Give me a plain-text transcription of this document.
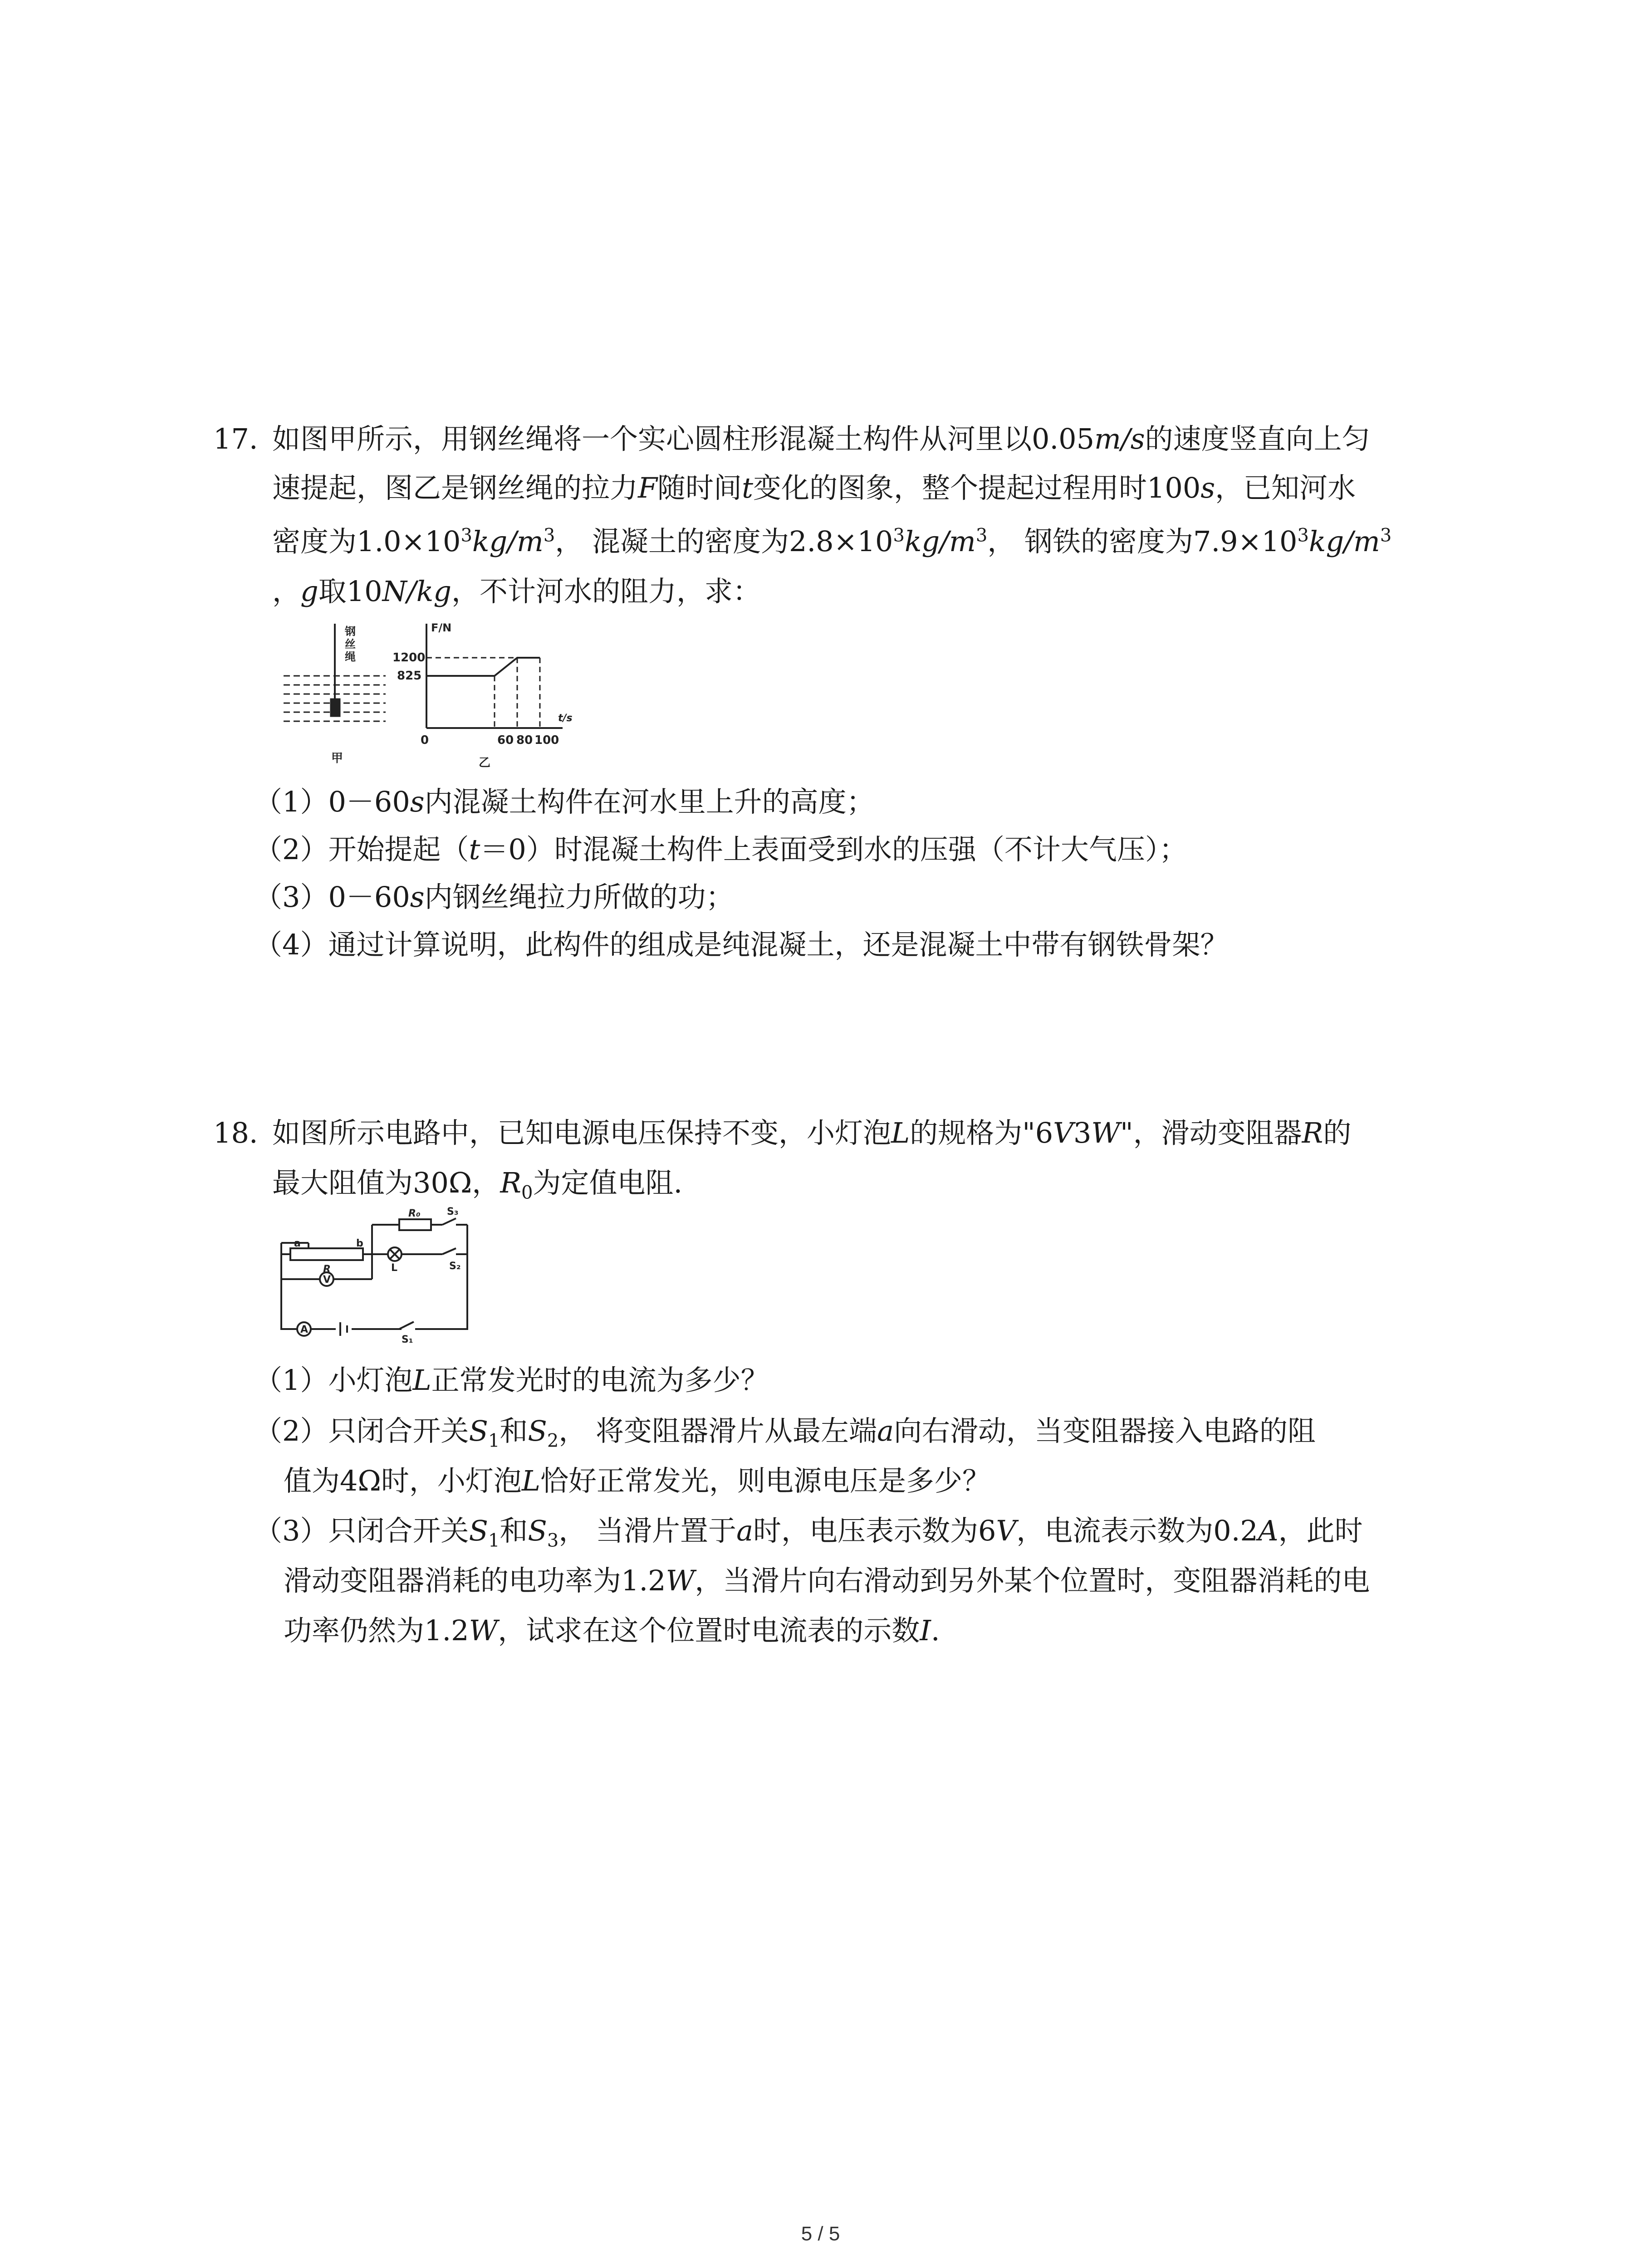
17. 如图甲所示，用钢丝绳将一个实心圆柱形混凝土构件从河里以0.05m/s的速度竖直向上匀
速提起，图乙是钢丝绳的拉力F随时间t变化的图象，整个提起过程用时100s，已知河水
密度为$1.0\times 10^3kg/m^3$， 混凝土的密度为$2.8\times 10^3kg/m^3$， 钢铁的密度为$7.9\times 10^3kg/m^3$
，g取10N/kg，不计河水的阻力，求：
钢 丝 绳
甲
F/N
t/s
1200
825
0	60 80 100
乙
（1）0－60s内混凝土构件在河水里上升的高度；
（2）开始提起（t＝0）时混凝土构件上表面受到水的压强（不计大气压）；
（3）0－60s内钢丝绳拉力所做的功；
（4）通过计算说明，此构件的组成是纯混凝土，还是混凝土中带有钢铁骨架？
18. 如图所示电路中，已知电源电压保持不变，小灯泡L的规格为"6V3W"，滑动变阻器R的
最大阻值为30Ω，$R_0$为定值电阻.
R₀	S₃
S₂
S₁
a	b
R	L
V
A
（1）小灯泡L正常发光时的电流为多少？
（2）只闭合开关$S_1$和$S_2$， 将变阻器滑片从最左端a向右滑动，当变阻器接入电路的阻
值为4Ω时，小灯泡L恰好正常发光，则电源电压是多少？
（3）只闭合开关$S_1$和$S_3$， 当滑片置于a时，电压表示数为6V，电流表示数为0.2A，此时
滑动变阻器消耗的电功率为1.2W，当滑片向右滑动到另外某个位置时，变阻器消耗的电
功率仍然为1.2W，试求在这个位置时电流表的示数I.
5 / 5
